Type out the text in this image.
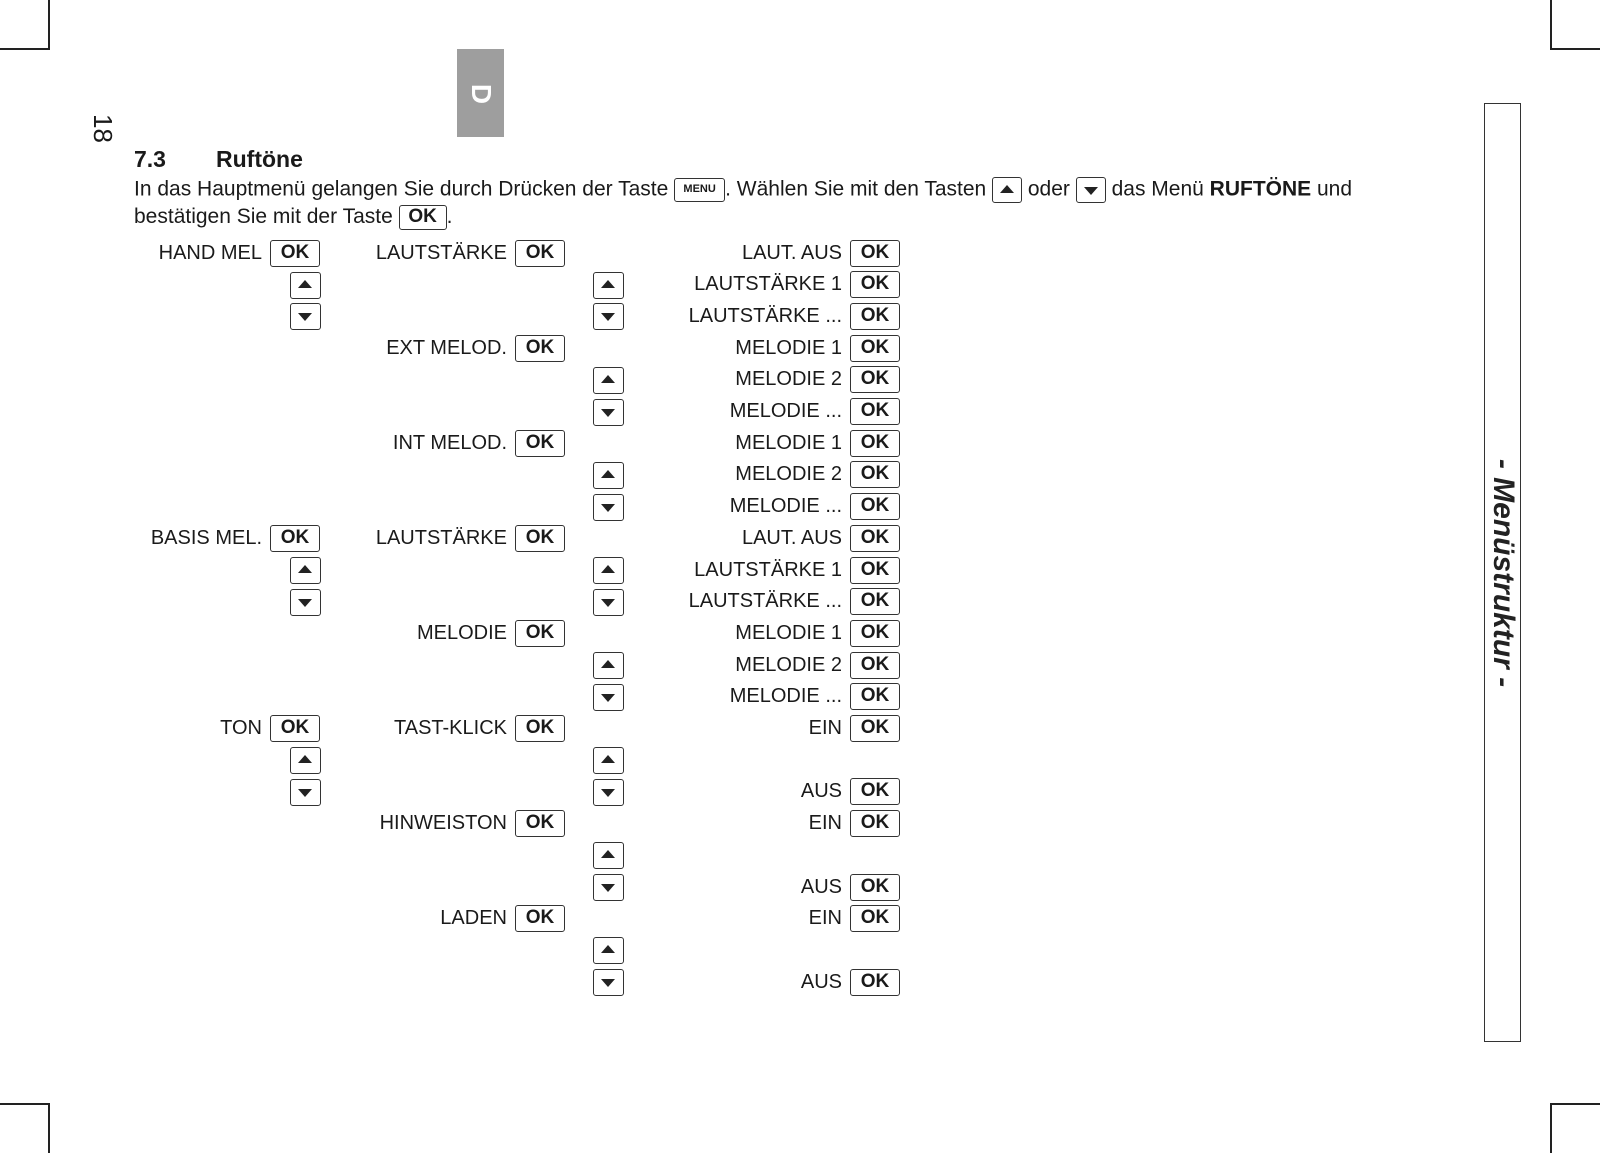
18
D
- Menüstruktur -
7.3 Ruftöne
In das Hauptmenü gelangen Sie durch Drücken der Taste MENU . Wählen Sie mit den Tasten  oder  das Menü RUFTÖNE und
bestätigen Sie mit der Taste OK .
HAND MEL OK
BASIS MEL. OK
TON OK
LAUTSTÄRKE OK
EXT MELOD. OK
INT MELOD. OK
LAUTSTÄRKE OK
MELODIE OK
TAST-KLICK OK
HINWEISTON OK
LADEN OK
LAUT. AUS OK
LAUTSTÄRKE 1 OK
LAUTSTÄRKE ... OK
MELODIE 1 OK
MELODIE 2 OK
MELODIE ... OK
MELODIE 1 OK
MELODIE 2 OK
MELODIE ... OK
LAUT. AUS OK
LAUTSTÄRKE 1 OK
LAUTSTÄRKE ... OK
MELODIE 1 OK
MELODIE 2 OK
MELODIE ... OK
EIN OK
AUS OK
EIN OK
AUS OK
EIN OK
AUS OK
